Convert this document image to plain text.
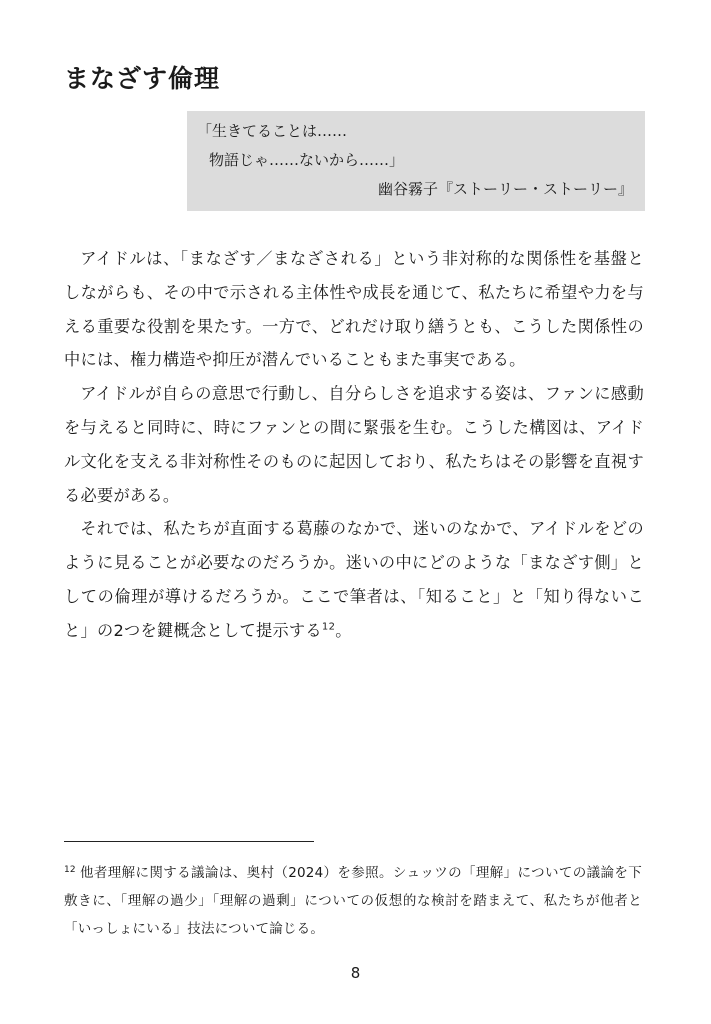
まなざす倫理
「生きてることは……
物語じゃ……ないから……」
幽谷霧子『ストーリー・ストーリー』

アイドルは、「まなざす／まなざされる」という非対称的な関係性を基盤としながらも、その中で示される主体性や成長を通じて、私たちに希望や力を与える重要な役割を果たす。一方で、どれだけ取り繕うとも、こうした関係性の中には、権力構造や抑圧が潜んでいることもまた事実である。

アイドルが自らの意思で行動し、自分らしさを追求する姿は、ファンに感動を与えると同時に、時にファンとの間に緊張を生む。こうした構図は、アイドル文化を支える非対称性そのものに起因しており、私たちはその影響を直視する必要がある。

それでは、私たちが直面する葛藤のなかで、迷いのなかで、アイドルをどのように見ることが必要なのだろうか。迷いの中にどのような「まなざす側」としての倫理が導けるだろうか。ここで筆者は、「知ること」と「知り得ないこと」の2つを鍵概念として提示する$^{12}$。

$^{12}$ 他者理解に関する議論は、奥村（2024）を参照。シュッツの「理解」についての議論を下敷きに、「理解の過少」「理解の過剰」についての仮想的な検討を踏まえて、私たちが他者と「いっしょにいる」技法について論じる。
8
